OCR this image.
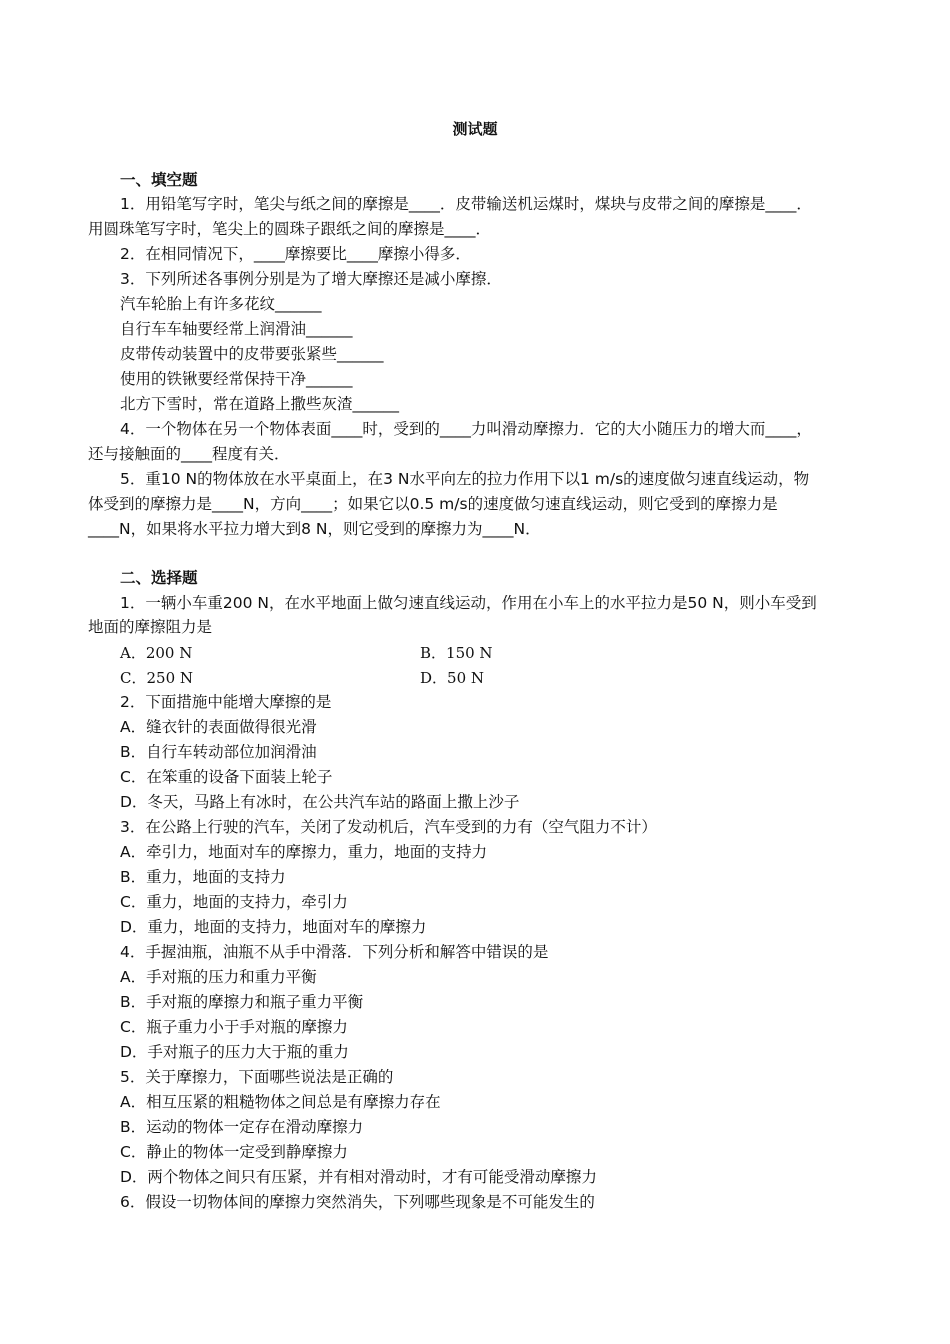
测试题
一、填空题
1．用铅笔写字时，笔尖与纸之间的摩擦是____．皮带输送机运煤时，煤块与皮带之间的摩擦是____．
用圆珠笔写字时，笔尖上的圆珠子跟纸之间的摩擦是____．
2．在相同情况下，____摩擦要比____摩擦小得多．
3．下列所述各事例分别是为了增大摩擦还是减小摩擦．
汽车轮胎上有许多花纹______
自行车车轴要经常上润滑油______
皮带传动装置中的皮带要张紧些______
使用的铁锹要经常保持干净______
北方下雪时，常在道路上撒些灰渣______
4．一个物体在另一个物体表面____时，受到的____力叫滑动摩擦力．它的大小随压力的增大而____，
还与接触面的____程度有关．
5．重10 N的物体放在水平桌面上，在3 N水平向左的拉力作用下以1 m/s的速度做匀速直线运动，物
体受到的摩擦力是____N，方向____；如果它以0.5 m/s的速度做匀速直线运动，则它受到的摩擦力是
____N，如果将水平拉力增大到8 N，则它受到的摩擦力为____N．
二、选择题
1．一辆小车重200 N，在水平地面上做匀速直线运动，作用在小车上的水平拉力是50 N，则小车受到
地面的摩擦阻力是
A．200 N	B．150 N
C．250 N	D．50 N
2．下面措施中能增大摩擦的是
A．缝衣针的表面做得很光滑
B．自行车转动部位加润滑油
C．在笨重的设备下面装上轮子
D．冬天，马路上有冰时，在公共汽车站的路面上撒上沙子
3．在公路上行驶的汽车，关闭了发动机后，汽车受到的力有（空气阻力不计）
A．牵引力，地面对车的摩擦力，重力，地面的支持力
B．重力，地面的支持力
C．重力，地面的支持力，牵引力
D．重力，地面的支持力，地面对车的摩擦力
4．手握油瓶，油瓶不从手中滑落．下列分析和解答中错误的是
A．手对瓶的压力和重力平衡
B．手对瓶的摩擦力和瓶子重力平衡
C．瓶子重力小于手对瓶的摩擦力
D．手对瓶子的压力大于瓶的重力
5．关于摩擦力，下面哪些说法是正确的
A．相互压紧的粗糙物体之间总是有摩擦力存在
B．运动的物体一定存在滑动摩擦力
C．静止的物体一定受到静摩擦力
D．两个物体之间只有压紧，并有相对滑动时，才有可能受滑动摩擦力
6．假设一切物体间的摩擦力突然消失，下列哪些现象是不可能发生的
